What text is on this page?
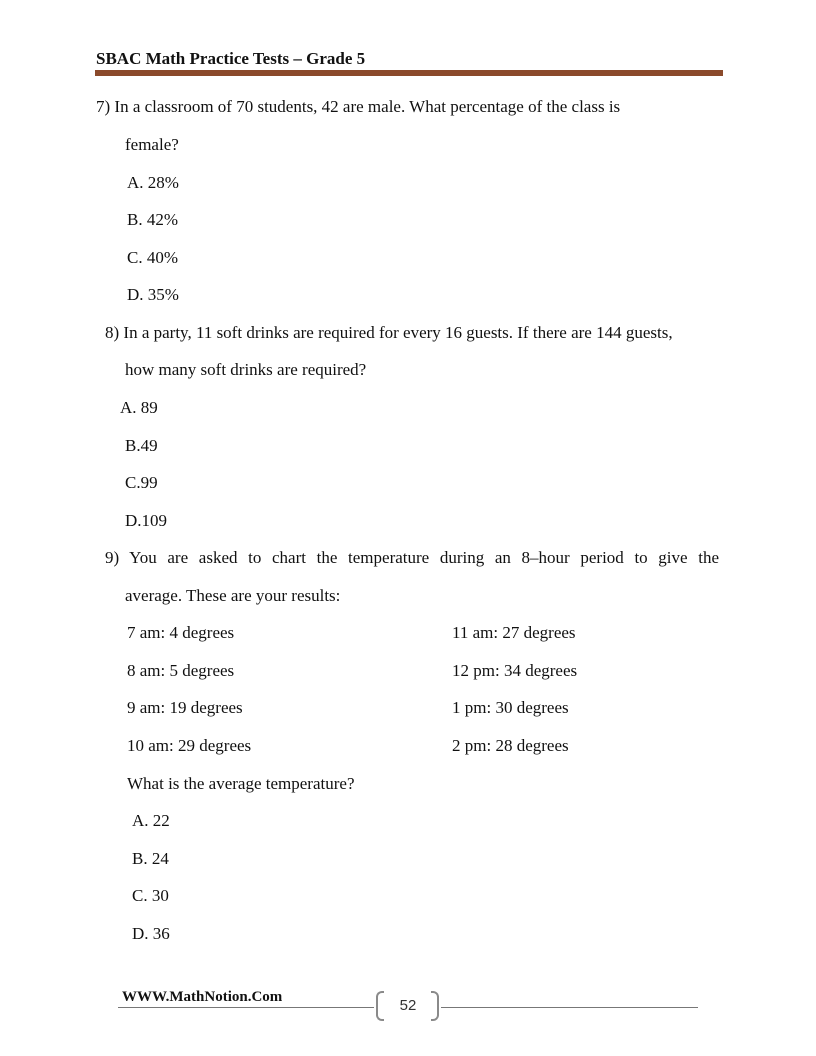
SBAC Math Practice Tests – Grade 5
7) In a classroom of 70 students, 42 are male. What percentage of the class is
female?
A. 28%
B. 42%
C. 40%
D. 35%
8) In a party, 11 soft drinks are required for every 16 guests. If there are 144 guests,
how many soft drinks are required?
A. 89
B.49
C.99
D.109
9) You are asked to chart the temperature during an 8–hour period to give the
average. These are your results:
7 am: 4 degrees
8 am: 5 degrees
9 am: 19 degrees
10 am: 29 degrees
11 am: 27 degrees
12 pm: 34 degrees
1 pm: 30 degrees
2 pm: 28 degrees
What is the average temperature?
A. 22
B. 24
C. 30
D. 36
WWW.MathNotion.Com	52
